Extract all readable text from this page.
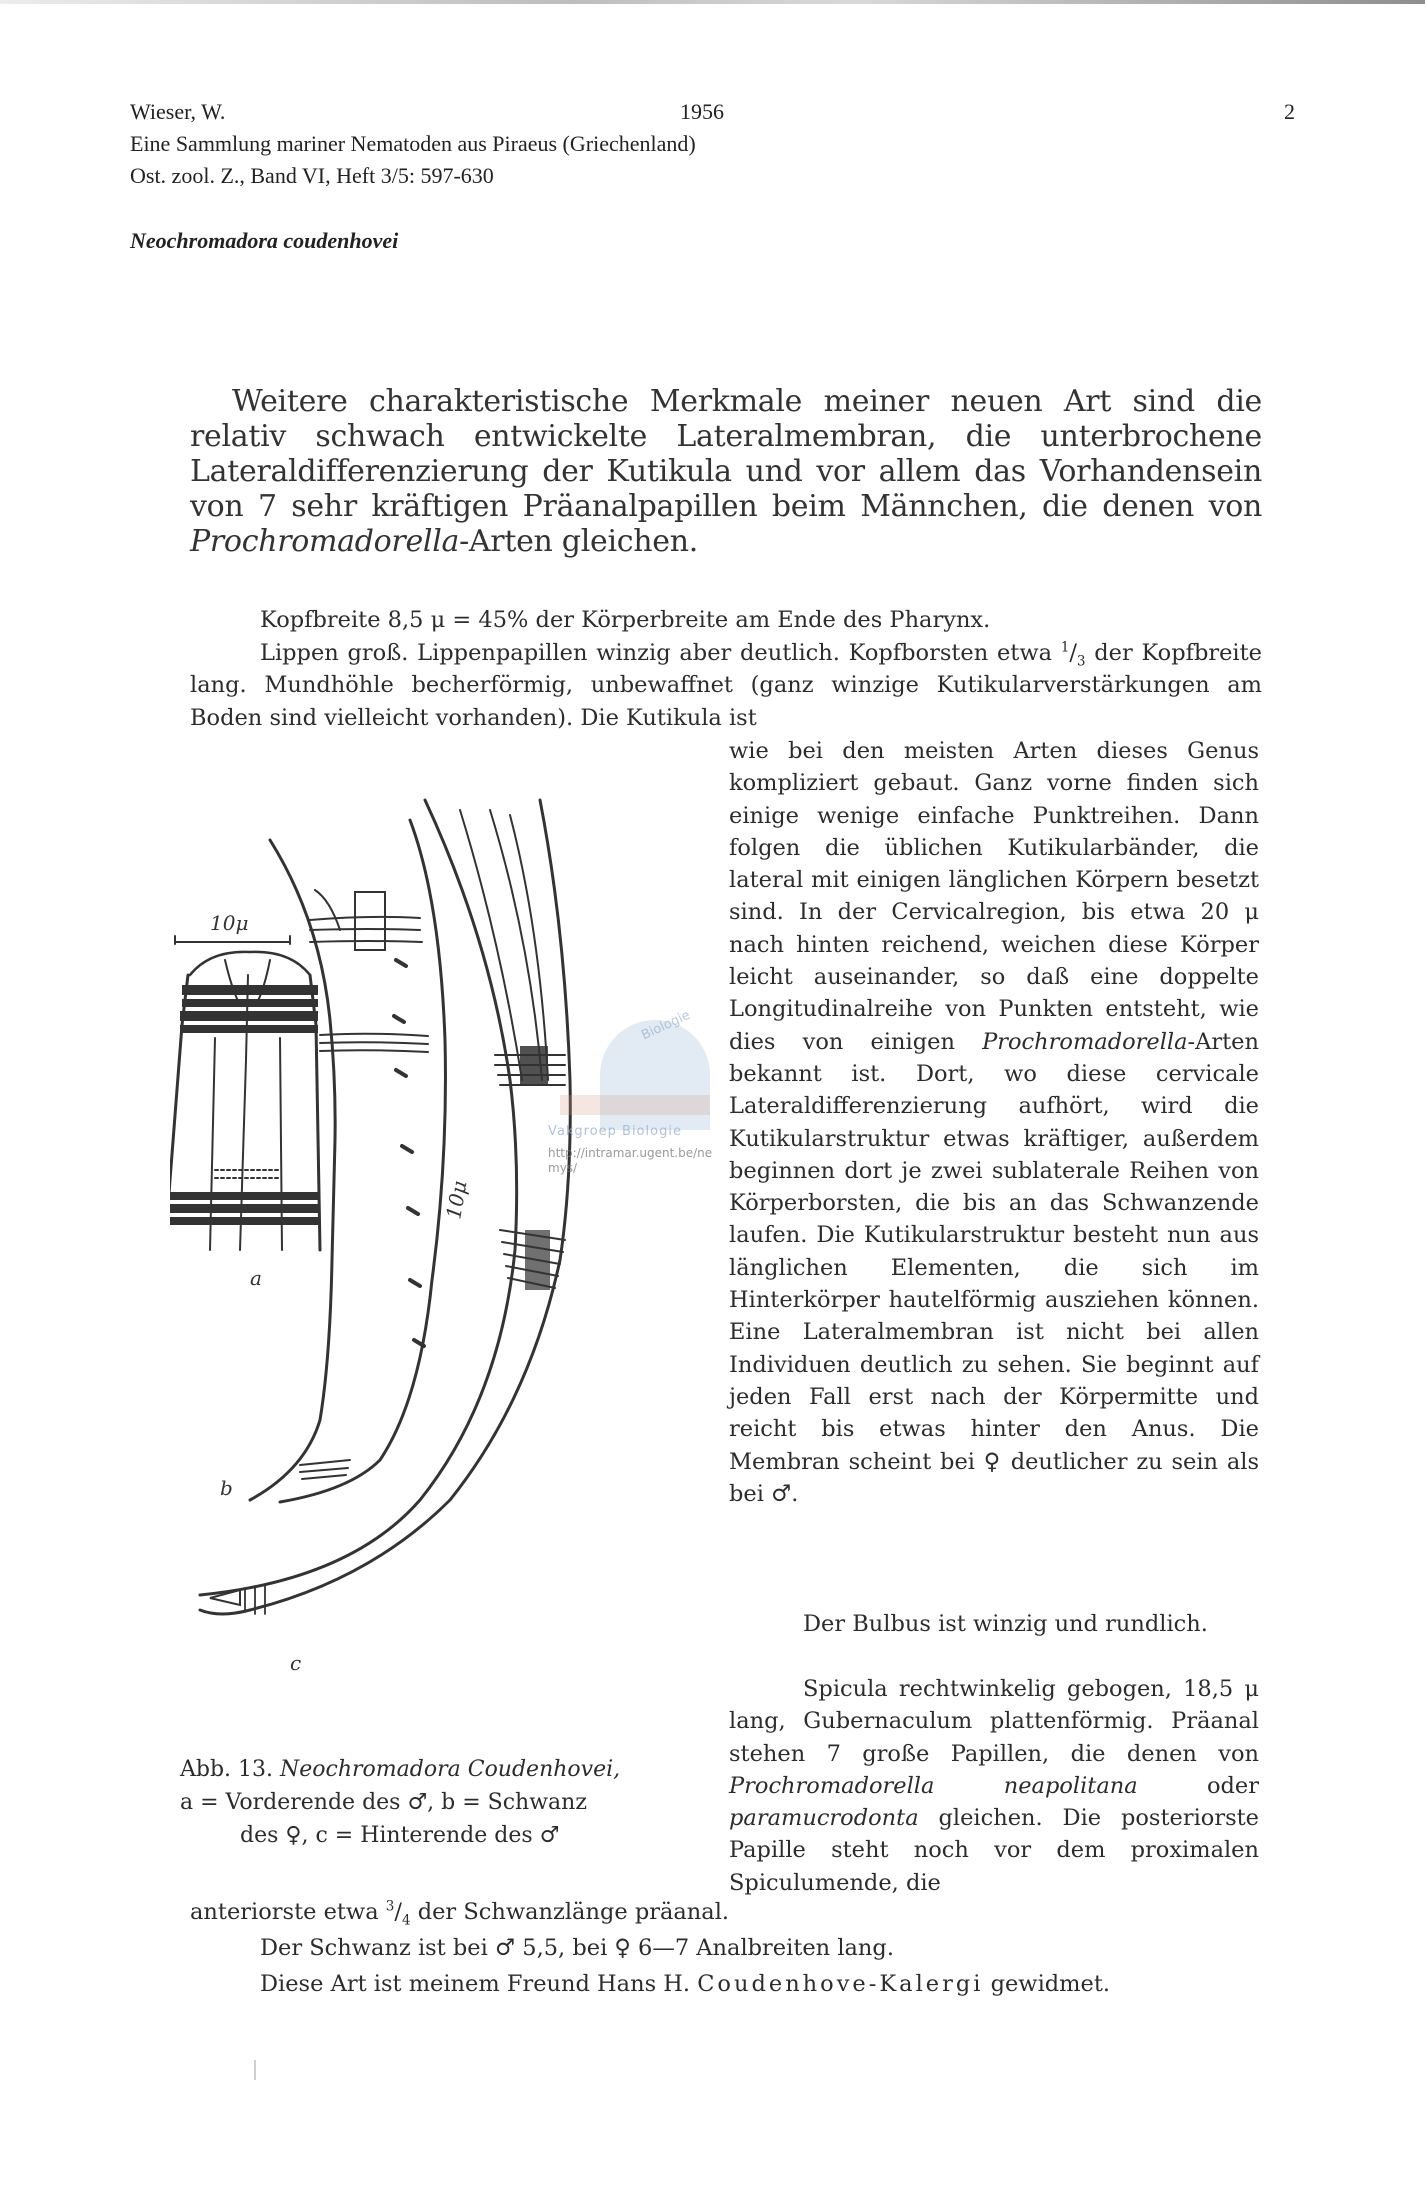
Wieser, W.	1956	2
Eine Sammlung mariner Nematoden aus Piraeus (Griechenland)
Ost. zool. Z., Band VI, Heft 3/5: 597-630
Neochromadora coudenhovei
Weitere charakteristische Merkmale meiner neuen Art sind die relativ schwach entwickelte Lateralmembran, die unterbrochene Lateraldifferenzierung der Kutikula und vor allem das Vorhandensein von 7 sehr kräftigen Präanalpapillen beim Männchen, die denen von Prochromadorella-Arten gleichen.
Kopfbreite 8,5 μ = 45% der Körperbreite am Ende des Pharynx.
Lippen groß. Lippenpapillen winzig aber deutlich. Kopfborsten etwa $^1/_3$ der Kopfbreite lang. Mundhöhle becherförmig, unbewaffnet (ganz winzige Kutikularverstärkungen am Boden sind vielleicht vorhanden). Die Kutikula ist
wie bei den meisten Arten dieses Genus kompliziert gebaut. Ganz vorne finden sich einige wenige einfache Punktreihen. Dann folgen die üblichen Kutikularbänder, die lateral mit einigen länglichen Körpern besetzt sind. In der Cervicalregion, bis etwa 20 μ nach hinten reichend, weichen diese Körper leicht auseinander, so daß eine doppelte Longitudinalreihe von Punkten entsteht, wie dies von einigen Prochromadorella-Arten bekannt ist. Dort, wo diese cervicale Lateraldifferenzierung aufhört, wird die Kutikularstruktur etwas kräftiger, außerdem beginnen dort je zwei sublaterale Reihen von Körperborsten, die bis an das Schwanzende laufen. Die Kutikularstruktur besteht nun aus länglichen Elementen, die sich im Hinterkörper hautelförmig ausziehen können. Eine Lateralmembran ist nicht bei allen Individuen deutlich zu sehen. Sie beginnt auf jeden Fall erst nach der Körpermitte und reicht bis etwas hinter den Anus. Die Membran scheint bei ♀ deutlicher zu sein als bei ♂.
Der Bulbus ist winzig und rundlich.
Spicula rechtwinkelig gebogen, 18,5 μ lang, Gubernaculum plattenförmig. Präanal stehen 7 große Papillen, die denen von Prochromadorella neapolitana oder paramucrodonta gleichen. Die posteriorste Papille steht noch vor dem proximalen Spiculumende, die
anteriorste etwa $^3/_4$ der Schwanzlänge präanal.
Der Schwanz ist bei ♂ 5,5, bei ♀ 6—7 Analbreiten lang.
Diese Art ist meinem Freund Hans H. Coudenhove-Kalergi gewidmet.
10μ
a
b
c
10μ
Biologie
Vakgroep Biologie
http://intramar.ugent.be/nemys/
Abb. 13. Neochromadora Coudenhovei,
a = Vorderende des ♂, b = Schwanz
des ♀, c = Hinterende des ♂
